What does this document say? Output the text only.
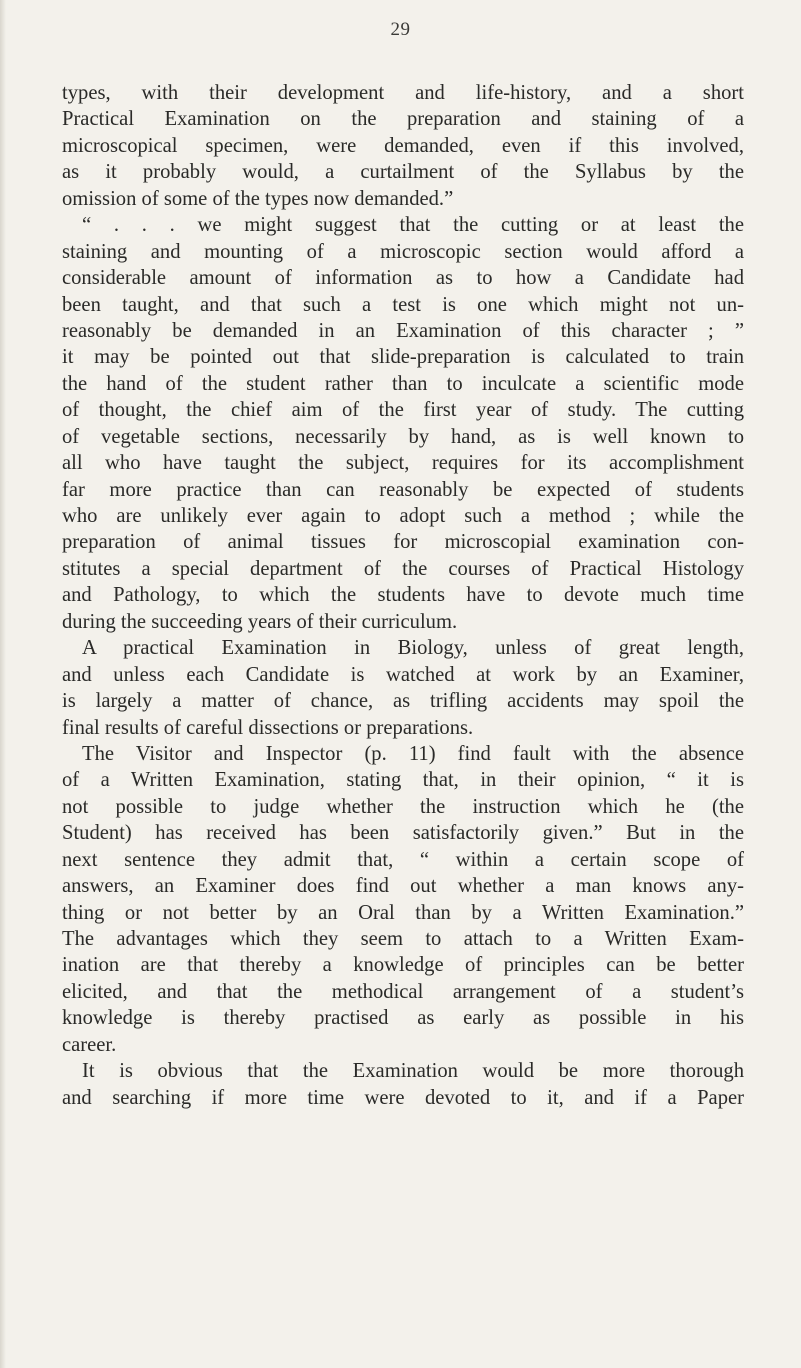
29
types, with their development and life-history, and a short
Practical Examination on the preparation and staining of a
microscopical specimen, were demanded, even if this involved,
as it probably would, a curtailment of the Syllabus by the
omission of some of the types now demanded.”
“ . . . we might suggest that the cutting or at least the
staining and mounting of a microscopic section would afford a
considerable amount of information as to how a Candidate had
been taught, and that such a test is one which might not un-
reasonably be demanded in an Examination of this character ; ”
it may be pointed out that slide-preparation is calculated to train
the hand of the student rather than to inculcate a scientific mode
of thought, the chief aim of the first year of study. The cutting
of vegetable sections, necessarily by hand, as is well known to
all who have taught the subject, requires for its accomplishment
far more practice than can reasonably be expected of students
who are unlikely ever again to adopt such a method ; while the
preparation of animal tissues for microscopial examination con-
stitutes a special department of the courses of Practical Histology
and Pathology, to which the students have to devote much time
during the succeeding years of their curriculum.
A practical Examination in Biology, unless of great length,
and unless each Candidate is watched at work by an Examiner,
is largely a matter of chance, as trifling accidents may spoil the
final results of careful dissections or preparations.
The Visitor and Inspector (p. 11) find fault with the absence
of a Written Examination, stating that, in their opinion, “ it is
not possible to judge whether the instruction which he (the
Student) has received has been satisfactorily given.” But in the
next sentence they admit that, “ within a certain scope of
answers, an Examiner does find out whether a man knows any-
thing or not better by an Oral than by a Written Examination.”
The advantages which they seem to attach to a Written Exam-
ination are that thereby a knowledge of principles can be better
elicited, and that the methodical arrangement of a student’s
knowledge is thereby practised as early as possible in his
career.
It is obvious that the Examination would be more thorough
and searching if more time were devoted to it, and if a Paper
